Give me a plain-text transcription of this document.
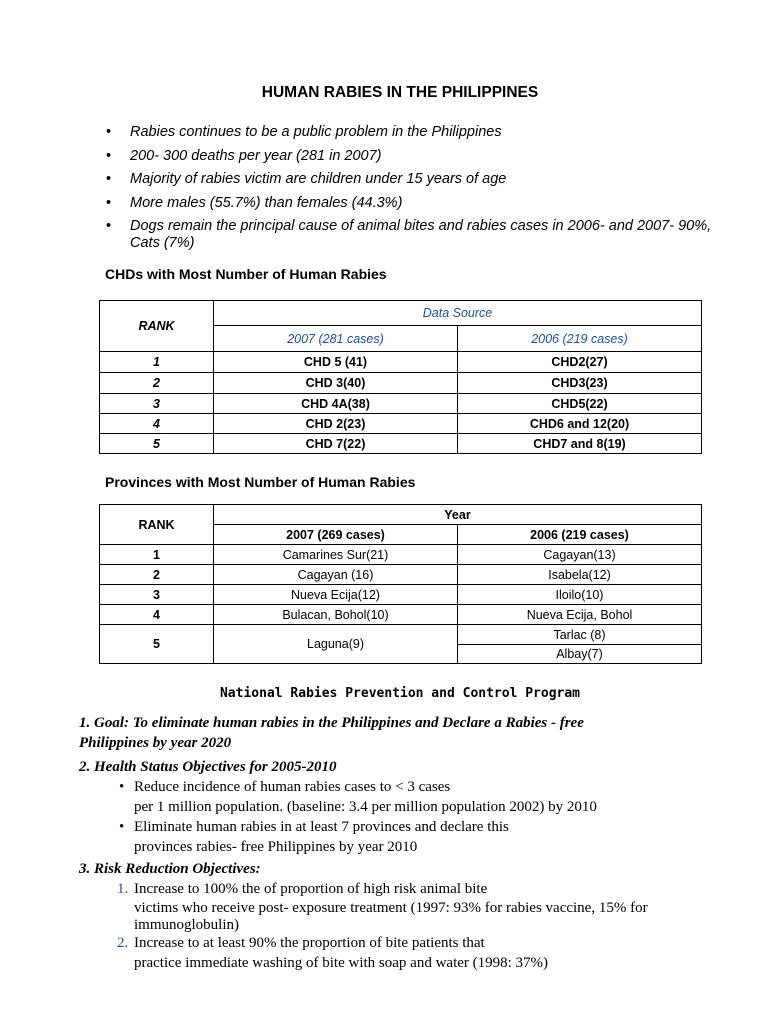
HUMAN RABIES IN THE PHILIPPINES
• Rabies continues to be a public problem in the Philippines
• 200- 300 deaths per year (281 in 2007)
• Majority of rabies victim are children under 15 years of age
• More males (55.7%) than females (44.3%)
• Dogs remain the principal cause of animal bites and rabies cases in 2006- and 2007- 90%, Cats (7%)
CHDs with Most Number of Human Rabies
RANK	Data Source	
	2007 (281 cases)	2006 (219 cases)
1	CHD 5 (41)	CHD2(27)
2	CHD 3(40)	CHD3(23)
3	CHD 4A(38)	CHD5(22)
4	CHD 2(23)	CHD6 and 12(20)
5	CHD 7(22)	CHD7 and 8(19)
Provinces with Most Number of Human Rabies
RANK	Year	
	2007 (269 cases)	2006 (219 cases)
1	Camarines Sur(21)	Cagayan(13)
2	Cagayan (16)	Isabela(12)
3	Nueva Ecija(12)	Iloilo(10)
4	Bulacan, Bohol(10)	Nueva Ecija, Bohol
5	Laguna(9)	Tarlac (8)
		Albay(7)
National Rabies Prevention and Control Program
1. Goal: To eliminate human rabies in the Philippines and Declare a Rabies - free
Philippines by year 2020
2. Health Status Objectives for 2005-2010
• Reduce incidence of human rabies cases to < 3 cases
per 1 million population. (baseline: 3.4 per million population 2002) by 2010
• Eliminate human rabies in at least 7 provinces and declare this
provinces rabies- free Philippines by year 2010
3. Risk Reduction Objectives:
1. Increase to 100% the of proportion of high risk animal bite
victims who receive post- exposure treatment (1997: 93% for rabies vaccine, 15% for
immunoglobulin)
2. Increase to at least 90% the proportion of bite patients that
practice immediate washing of bite with soap and water (1998: 37%)
